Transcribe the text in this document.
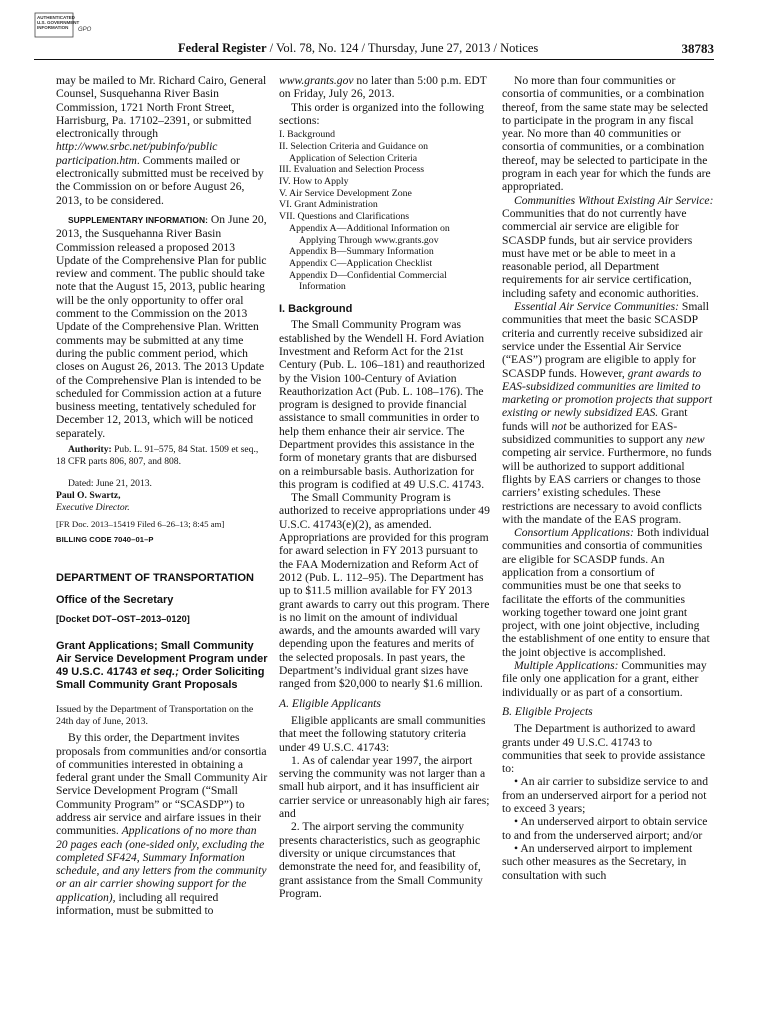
AUTHENTICATED
U.S. GOVERNMENT
INFORMATION	GPO
Federal Register / Vol. 78, No. 124 / Thursday, June 27, 2013 / Notices	38783

may be mailed to Mr. Richard Cairo, General Counsel, Susquehanna River Basin Commission, 1721 North Front Street, Harrisburg, Pa. 17102–2391, or submitted electronically through http://www.srbc.net/pubinfo/public participation.htm. Comments mailed or electronically submitted must be received by the Commission on or before August 26, 2013, to be considered.

SUPPLEMENTARY INFORMATION: On June 20, 2013, the Susquehanna River Basin Commission released a proposed 2013 Update of the Comprehensive Plan for public review and comment. The public should take note that the August 15, 2013, public hearing will be the only opportunity to offer oral comment to the Commission on the 2013 Update of the Comprehensive Plan. Written comments may be submitted at any time during the public comment period, which closes on August 26, 2013. The 2013 Update of the Comprehensive Plan is intended to be scheduled for Commission action at a future business meeting, tentatively scheduled for December 12, 2013, which will be noticed separately.

Authority: Pub. L. 91–575, 84 Stat. 1509 et seq., 18 CFR parts 806, 807, and 808.

Dated: June 21, 2013.

Paul O. Swartz,

Executive Director.

[FR Doc. 2013–15419 Filed 6–26–13; 8:45 am]

BILLING CODE 7040–01–P

DEPARTMENT OF TRANSPORTATION

Office of the Secretary

[Docket DOT–OST–2013–0120]

Grant Applications; Small Community Air Service Development Program under 49 U.S.C. 41743 et seq.; Order Soliciting Small Community Grant Proposals

Issued by the Department of Transportation on the 24th day of June, 2013.

By this order, the Department invites proposals from communities and/or consortia of communities interested in obtaining a federal grant under the Small Community Air Service Development Program (“Small Community Program” or “SCASDP”) to address air service and airfare issues in their communities. Applications of no more than 20 pages each (one-sided only, excluding the completed SF424, Summary Information schedule, and any letters from the community or an air carrier showing support for the application), including all required information, must be submitted to

www.grants.gov no later than 5:00 p.m. EDT on Friday, July 26, 2013.

This order is organized into the following sections:

I. Background
II. Selection Criteria and Guidance on
Application of Selection Criteria
III. Evaluation and Selection Process
IV. How to Apply
V. Air Service Development Zone
VI. Grant Administration
VII. Questions and Clarifications
Appendix A—Additional Information on
Applying Through www.grants.gov
Appendix B—Summary Information
Appendix C—Application Checklist
Appendix D—Confidential Commercial
Information

I. Background

The Small Community Program was established by the Wendell H. Ford Aviation Investment and Reform Act for the 21st Century (Pub. L. 106–181) and reauthorized by the Vision 100-Century of Aviation Reauthorization Act (Pub. L. 108–176). The program is designed to provide financial assistance to small communities in order to help them enhance their air service. The Department provides this assistance in the form of monetary grants that are disbursed on a reimbursable basis. Authorization for this program is codified at 49 U.S.C. 41743.

The Small Community Program is authorized to receive appropriations under 49 U.S.C. 41743(e)(2), as amended. Appropriations are provided for this program for award selection in FY 2013 pursuant to the FAA Modernization and Reform Act of 2012 (Pub. L. 112–95). The Department has up to $11.5 million available for FY 2013 grant awards to carry out this program. There is no limit on the amount of individual awards, and the amounts awarded will vary depending upon the features and merits of the selected proposals. In past years, the Department’s individual grant sizes have ranged from $20,000 to nearly $1.6 million.

A. Eligible Applicants

Eligible applicants are small communities that meet the following statutory criteria under 49 U.S.C. 41743:

1. As of calendar year 1997, the airport serving the community was not larger than a small hub airport, and it has insufficient air carrier service or unreasonably high air fares; and

2. The airport serving the community presents characteristics, such as geographic diversity or unique circumstances that demonstrate the need for, and feasibility of, grant assistance from the Small Community Program.

No more than four communities or consortia of communities, or a combination thereof, from the same state may be selected to participate in the program in any fiscal year. No more than 40 communities or consortia of communities, or a combination thereof, may be selected to participate in the program in each year for which the funds are appropriated.

Communities Without Existing Air Service: Communities that do not currently have commercial air service are eligible for SCASDP funds, but air service providers must have met or be able to meet in a reasonable period, all Department requirements for air service certification, including safety and economic authorities.

Essential Air Service Communities: Small communities that meet the basic SCASDP criteria and currently receive subsidized air service under the Essential Air Service (“EAS”) program are eligible to apply for SCASDP funds. However, grant awards to EAS-subsidized communities are limited to marketing or promotion projects that support existing or newly subsidized EAS. Grant funds will not be authorized for EAS-subsidized communities to support any new competing air service. Furthermore, no funds will be authorized to support additional flights by EAS carriers or changes to those carriers’ existing schedules. These restrictions are necessary to avoid conflicts with the mandate of the EAS program.

Consortium Applications: Both individual communities and consortia of communities are eligible for SCASDP funds. An application from a consortium of communities must be one that seeks to facilitate the efforts of the communities working together toward one joint grant project, with one joint objective, including the establishment of one entity to ensure that the joint objective is accomplished.

Multiple Applications: Communities may file only one application for a grant, either individually or as part of a consortium.

B. Eligible Projects

The Department is authorized to award grants under 49 U.S.C. 41743 to communities that seek to provide assistance to:

• An air carrier to subsidize service to and from an underserved airport for a period not to exceed 3 years;

• An underserved airport to obtain service to and from the underserved airport; and/or

• An underserved airport to implement such other measures as the Secretary, in consultation with such
